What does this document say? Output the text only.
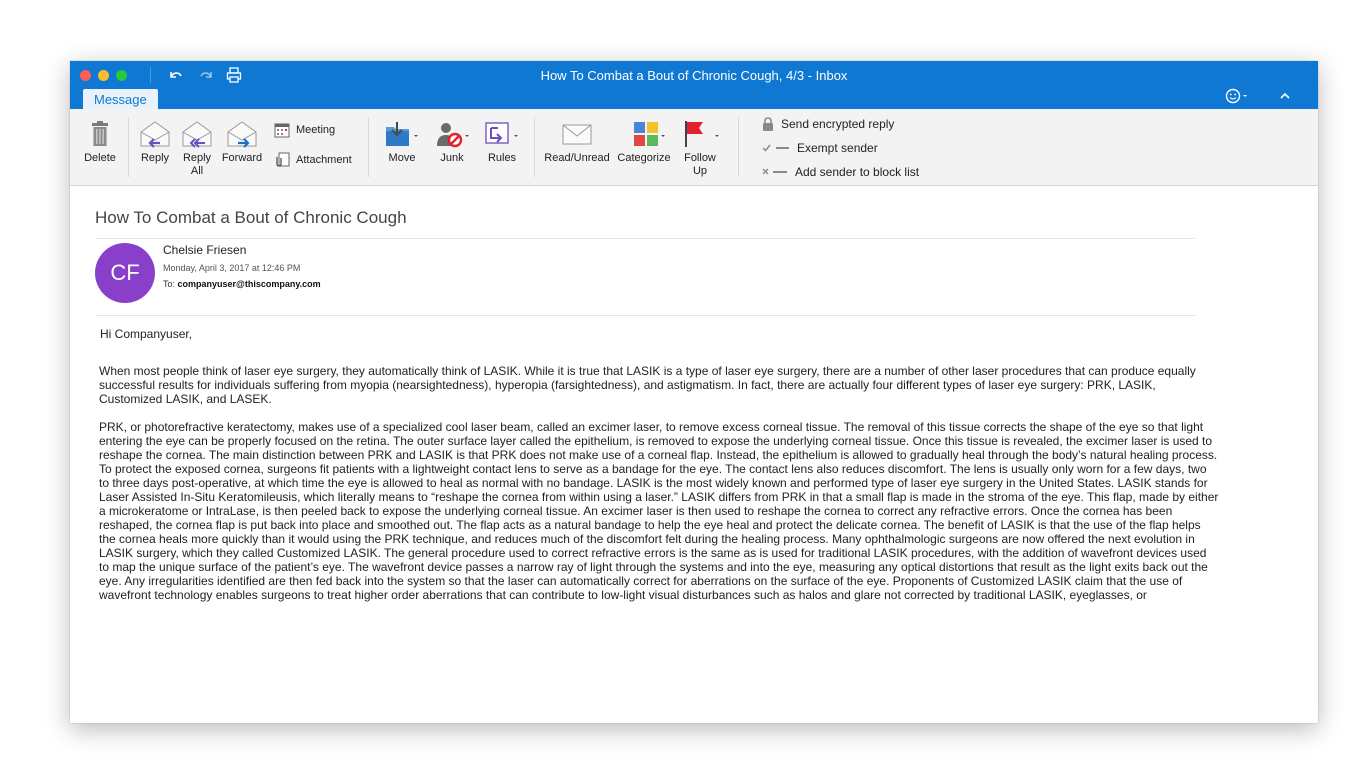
How To Combat a Bout of Chronic Cough, 4/3 - Inbox
Message
Delete	Reply	Reply
All
Forward
Meeting
Attachment	Move	Junk	Rules	Read/Unread Categorize	Follow
Up
Send encrypted reply
Exempt sender
Add sender to block list
How To Combat a Bout of Chronic Cough
CF
Chelsie Friesen
Monday, April 3, 2017 at 12:46 PM
To: companyuser@thiscompany.com
Hi Companyuser,

When most people think of laser eye surgery, they automatically think of LASIK. While it is true that LASIK is a type of laser eye surgery, there are a number of other laser procedures that can produce equally successful results for individuals suffering from myopia (nearsightedness), hyperopia (farsightedness), and astigmatism. In fact, there are actually four different types of laser eye surgery: PRK, LASIK, Customized LASIK, and LASEK.

PRK, or photorefractive keratectomy, makes use of a specialized cool laser beam, called an excimer laser, to remove excess corneal tissue. The removal of this tissue corrects the shape of the eye so that light entering the eye can be properly focused on the retina. The outer surface layer called the epithelium, is removed to expose the underlying corneal tissue. Once this tissue is revealed, the excimer laser is used to reshape the cornea. The main distinction between PRK and LASIK is that PRK does not make use of a corneal flap. Instead, the epithelium is allowed to gradually heal through the body’s natural healing process. To protect the exposed cornea, surgeons fit patients with a lightweight contact lens to serve as a bandage for the eye. The contact lens also reduces discomfort. The lens is usually only worn for a few days, two to three days post-operative, at which time the eye is allowed to heal as normal with no bandage. LASIK is the most widely known and performed type of laser eye surgery in the United States. LASIK stands for Laser Assisted In-Situ Keratomileusis, which literally means to “reshape the cornea from within using a laser.” LASIK differs from PRK in that a small flap is made in the stroma of the eye. This flap, made by either a microkeratome or IntraLase, is then peeled back to expose the underlying corneal tissue. An excimer laser is then used to reshape the cornea to correct any refractive errors. Once the cornea has been reshaped, the cornea flap is put back into place and smoothed out. The flap acts as a natural bandage to help the eye heal and protect the delicate cornea. The benefit of LASIK is that the use of the flap helps the cornea heals more quickly than it would using the PRK technique, and reduces much of the discomfort felt during the healing process. Many ophthalmologic surgeons are now offered the next evolution in LASIK surgery, which they called Customized LASIK. The general procedure used to correct refractive errors is the same as is used for traditional LASIK procedures, with the addition of wavefront devices used to map the unique surface of the patient’s eye. The wavefront device passes a narrow ray of light through the systems and into the eye, measuring any optical distortions that result as the light exits back out the eye. Any irregularities identified are then fed back into the system so that the laser can automatically correct for aberrations on the surface of the eye. Proponents of Customized LASIK claim that the use of wavefront technology enables surgeons to treat higher order aberrations that can contribute to low-light visual disturbances such as halos and glare not corrected by traditional LASIK, eyeglasses, or
